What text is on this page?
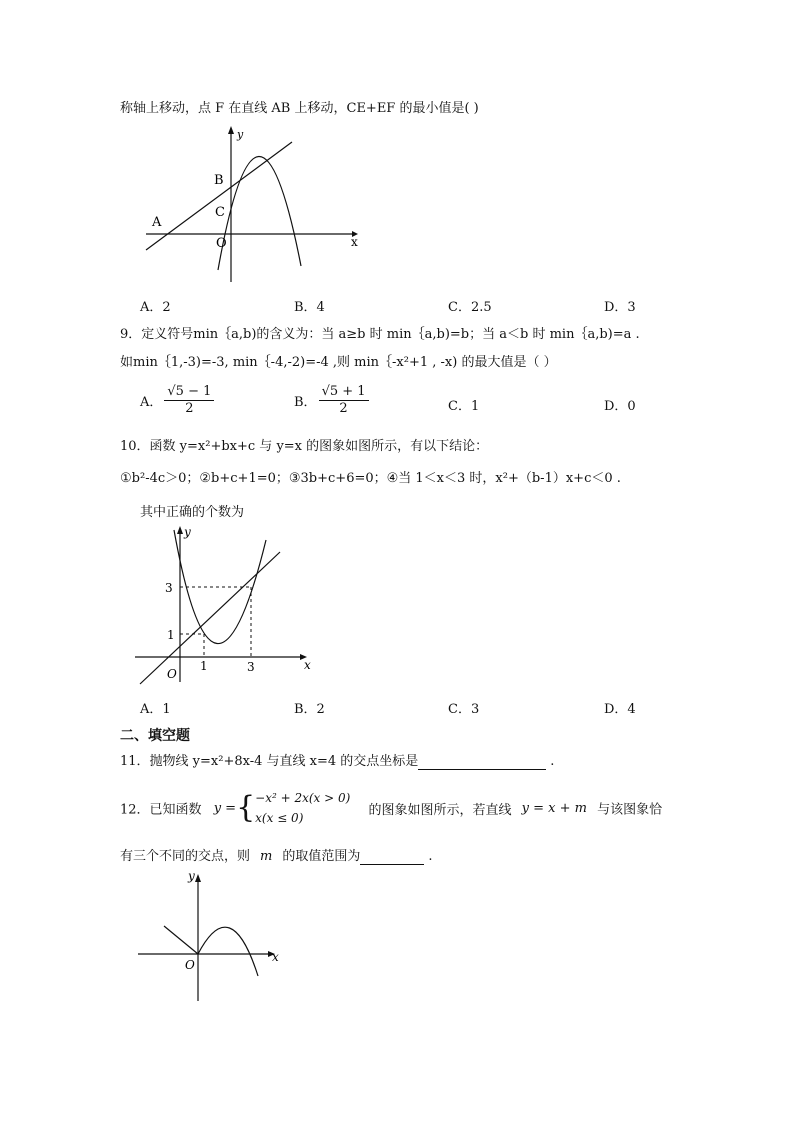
称轴上移动，点 F 在直线 AB 上移动，CE+EF 的最小值是( )
y
x
B
A
C
O
A．2	B．4	C．2.5	D．3
9．定义符号min｛a,b)的含义为：当 a≥b 时 min｛a,b)=b；当 a＜b 时 min｛a,b)=a .
如min｛1,-3)=-3, min｛-4,-2)=-4 ,则 min｛-x²+1 , -x) 的最大值是（ ）
A． $\frac{√5 - 1}{2}$	B． $\frac{√5 + 1}{2}$	C．1	D．0
10．函数 y=x²+bx+c 与 y=x 的图象如图所示，有以下结论：
①b²-4c＞0；②b+c+1=0；③3b+c+6=0；④当 1＜x＜3 时，x²+（b-1）x+c＜0 .
其中正确的个数为
y
x
O
3
1
1	3
A．1	B．2	C．3	D．4
二、填空题
11．抛物线 y=x²+8x-4 与直线 x=4 的交点坐标是	.
12．已知函数 y ={ −x² + 2x(x > 0)
x(x ≤ 0)
的图象如图所示，若直线 y = x + m 与该图象恰
有三个不同的交点，则 m 的取值范围为	.
y
x
O
